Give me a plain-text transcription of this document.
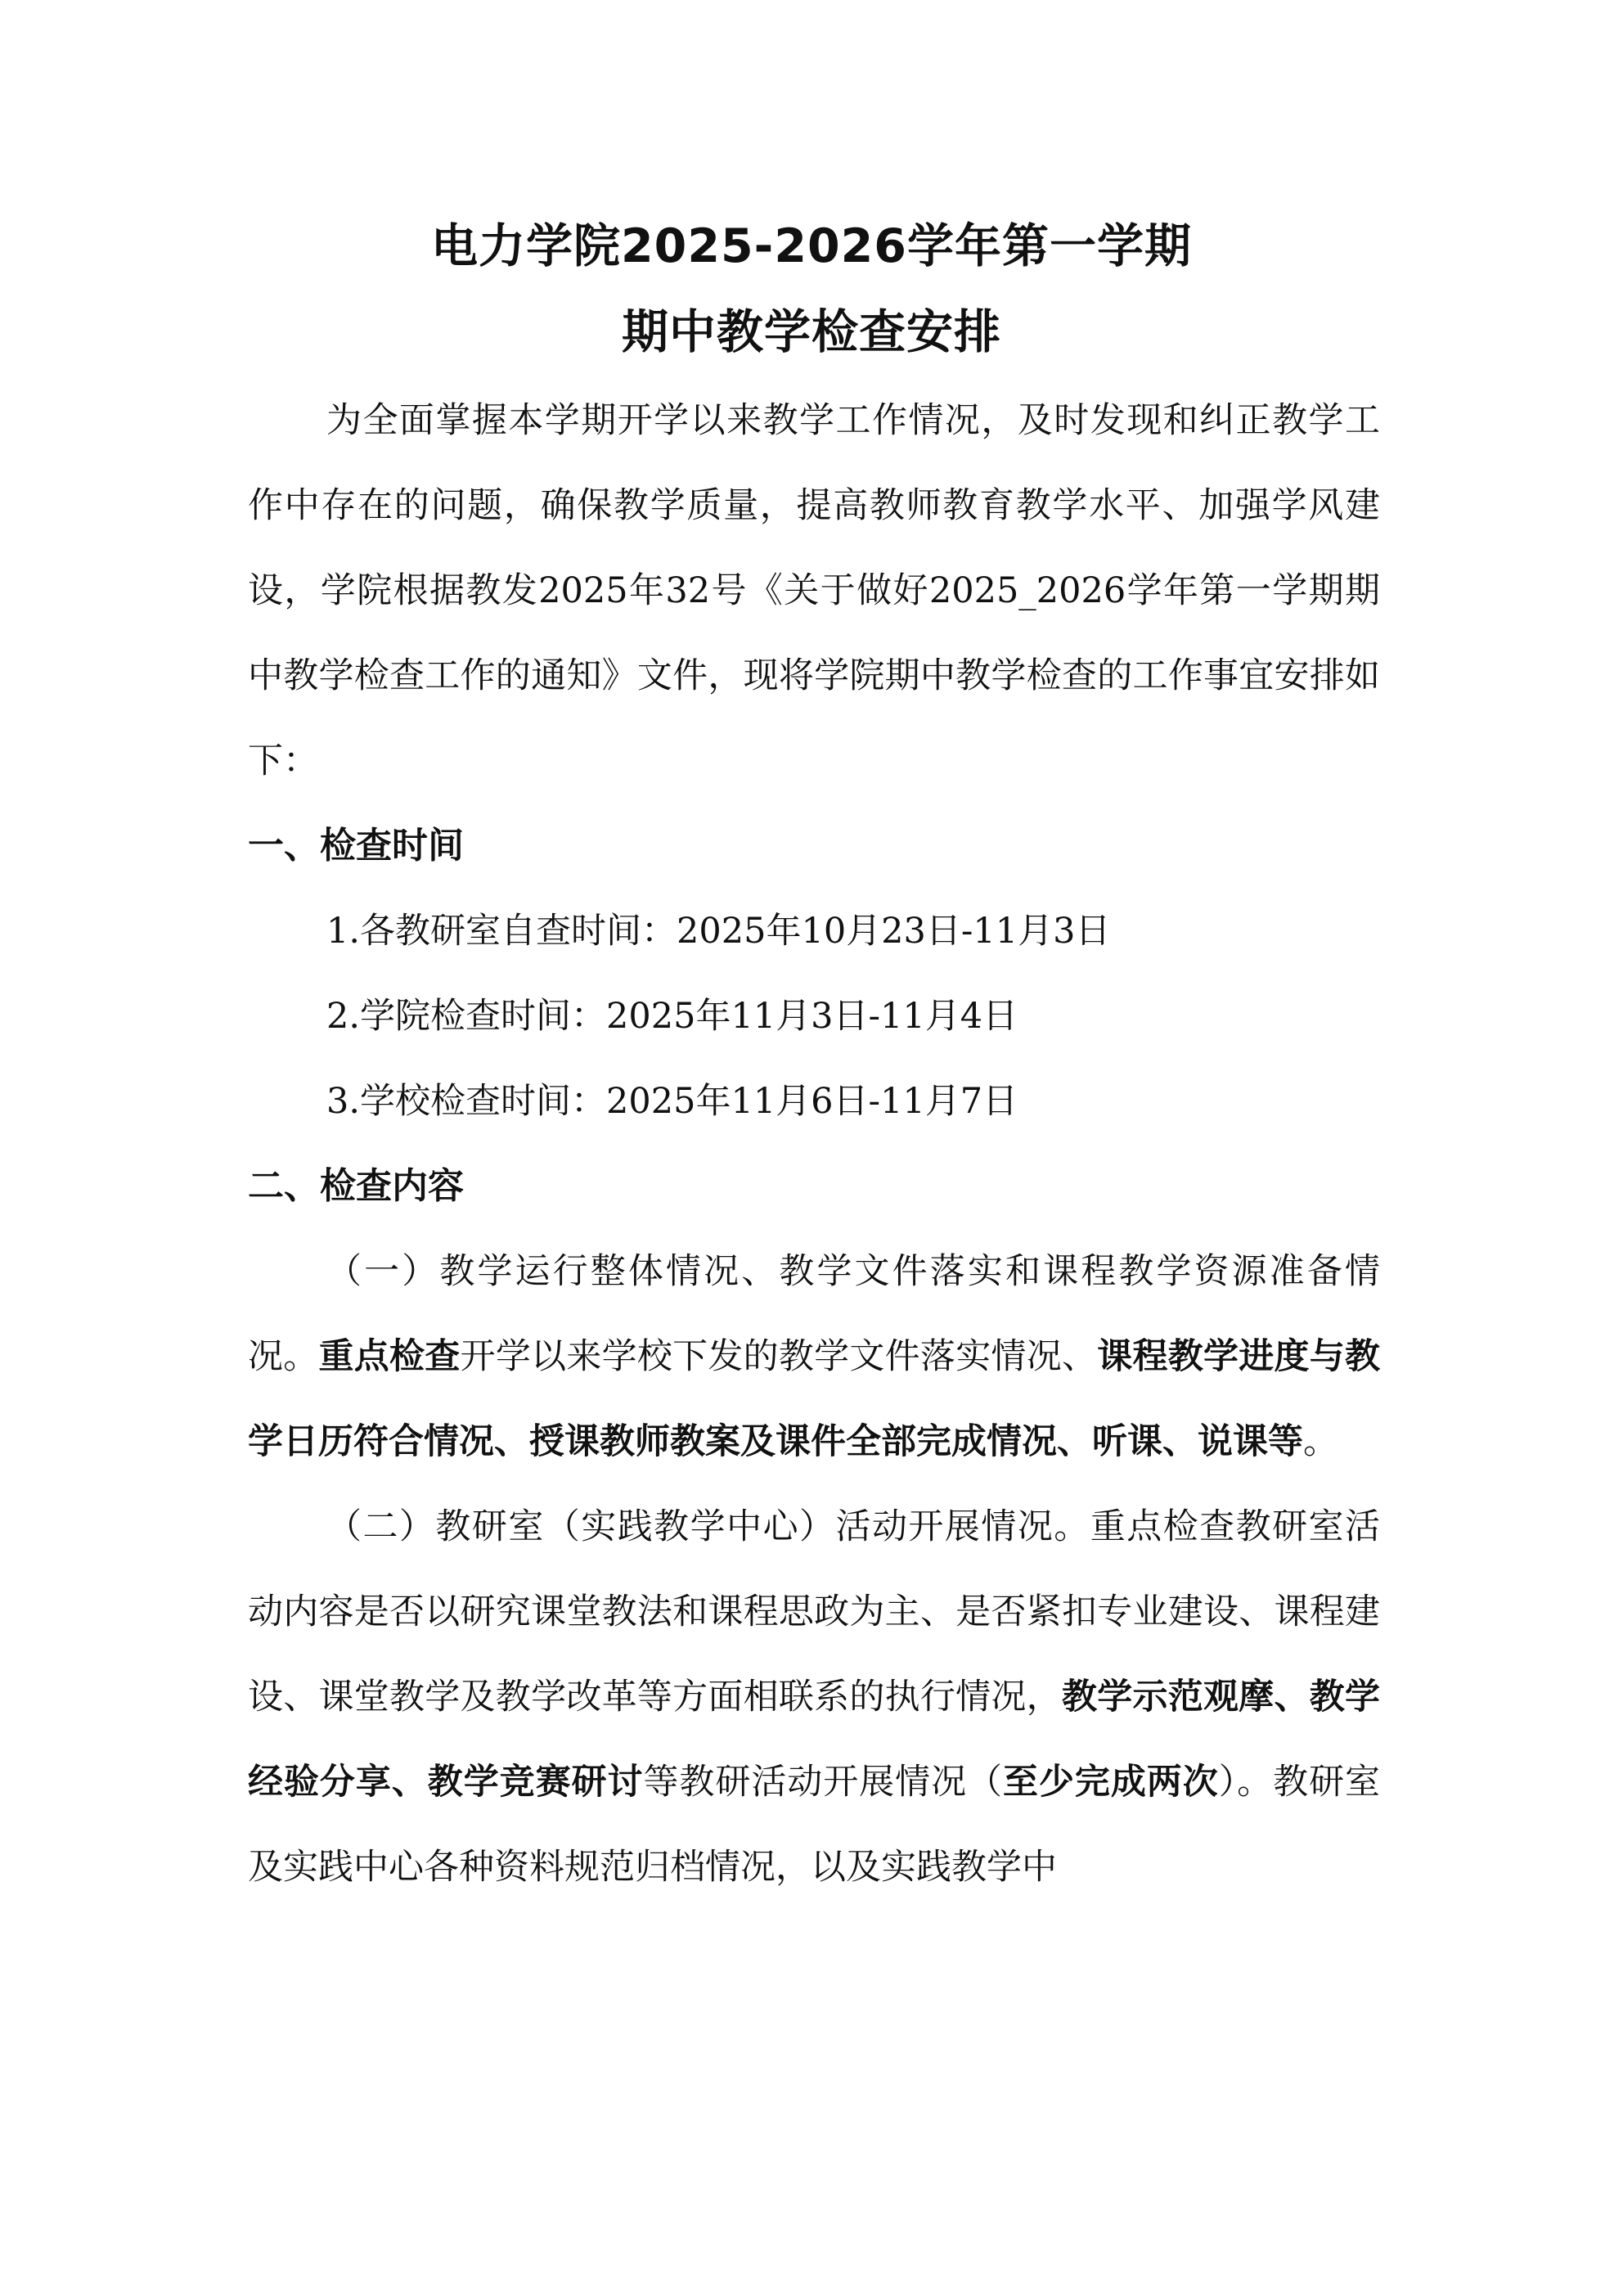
电力学院2025-2026学年第一学期
期中教学检查安排

为全面掌握本学期开学以来教学工作情况，及时发现和纠正教学工作中存在的问题，确保教学质量，提高教师教育教学水平、加强学风建设，学院根据教发2025年32号《关于做好2025_2026学年第一学期期中教学检查工作的通知》文件，现将学院期中教学检查的工作事宜安排如下：

一、检查时间

1.各教研室自查时间：2025年10月23日-11月3日

2.学院检查时间：2025年11月3日-11月4日

3.学校检查时间：2025年11月6日-11月7日

二、检查内容

（一）教学运行整体情况、教学文件落实和课程教学资源准备情况。重点检查开学以来学校下发的教学文件落实情况、课程教学进度与教学日历符合情况、授课教师教案及课件全部完成情况、听课、说课等。

（二）教研室（实践教学中心）活动开展情况。重点检查教研室活动内容是否以研究课堂教法和课程思政为主、是否紧扣专业建设、课程建设、课堂教学及教学改革等方面相联系的执行情况，教学示范观摩、教学经验分享、教学竞赛研讨等教研活动开展情况（至少完成两次）。教研室及实践中心各种资料规范归档情况，以及实践教学中
